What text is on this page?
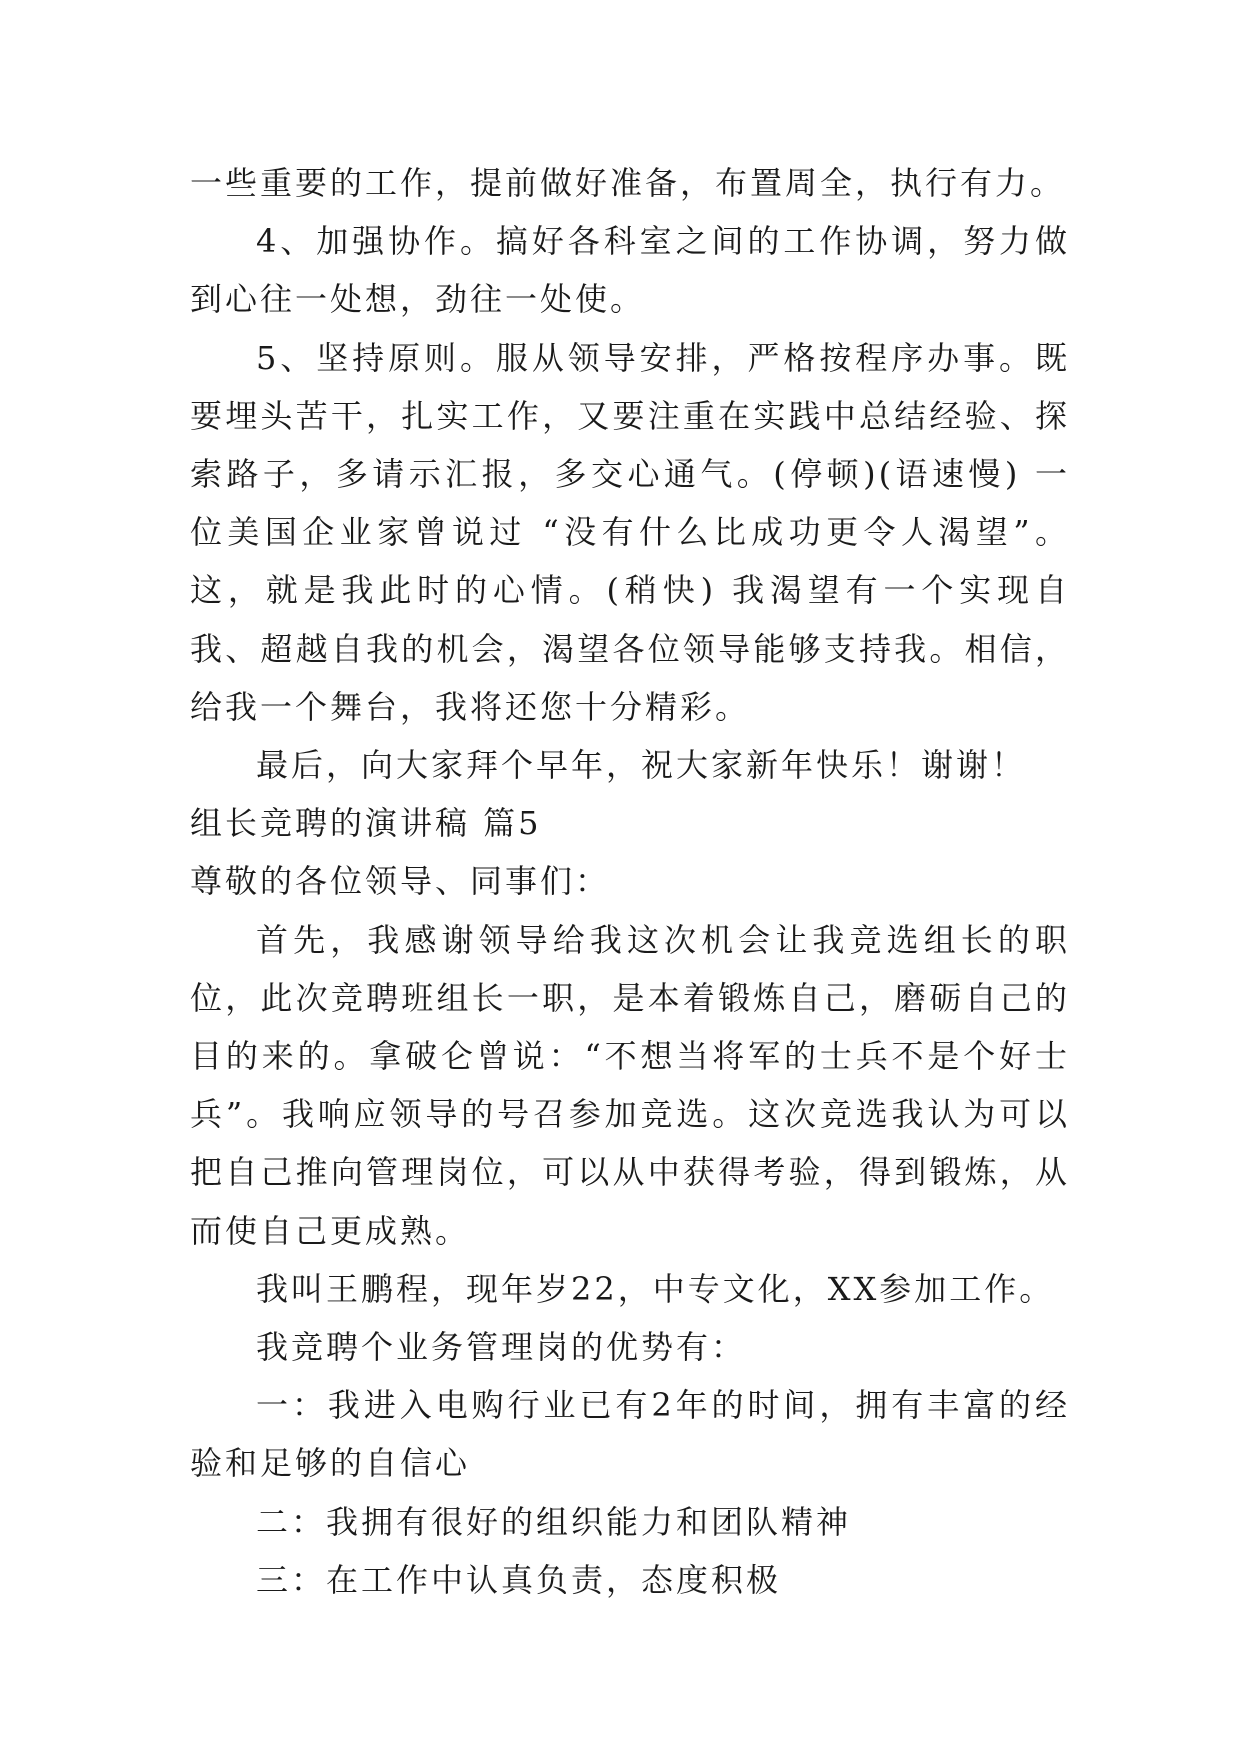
一些重要的工作，提前做好准备，布置周全，执行有力。

4、加强协作。搞好各科室之间的工作协调，努力做到心往一处想，劲往一处使。

5、坚持原则。服从领导安排，严格按程序办事。既要埋头苦干，扎实工作，又要注重在实践中总结经验、探索路子，多请示汇报，多交心通气。(停顿)(语速慢) 一位美国企业家曾说过 “没有什么比成功更令人渴望”。这，就是我此时的心情。(稍快) 我渴望有一个实现自我、超越自我的机会，渴望各位领导能够支持我。相信，给我一个舞台，我将还您十分精彩。

最后，向大家拜个早年，祝大家新年快乐！谢谢！

组长竞聘的演讲稿 篇5

尊敬的各位领导、同事们：

首先，我感谢领导给我这次机会让我竞选组长的职位，此次竞聘班组长一职，是本着锻炼自己，磨砺自己的目的来的。拿破仑曾说：“不想当将军的士兵不是个好士兵”。我响应领导的号召参加竞选。这次竞选我认为可以把自己推向管理岗位，可以从中获得考验，得到锻炼，从而使自己更成熟。

我叫王鹏程，现年岁22，中专文化，XX参加工作。

我竞聘个业务管理岗的优势有：

一：我进入电购行业已有2年的时间，拥有丰富的经验和足够的自信心

二：我拥有很好的组织能力和团队精神

三：在工作中认真负责，态度积极
